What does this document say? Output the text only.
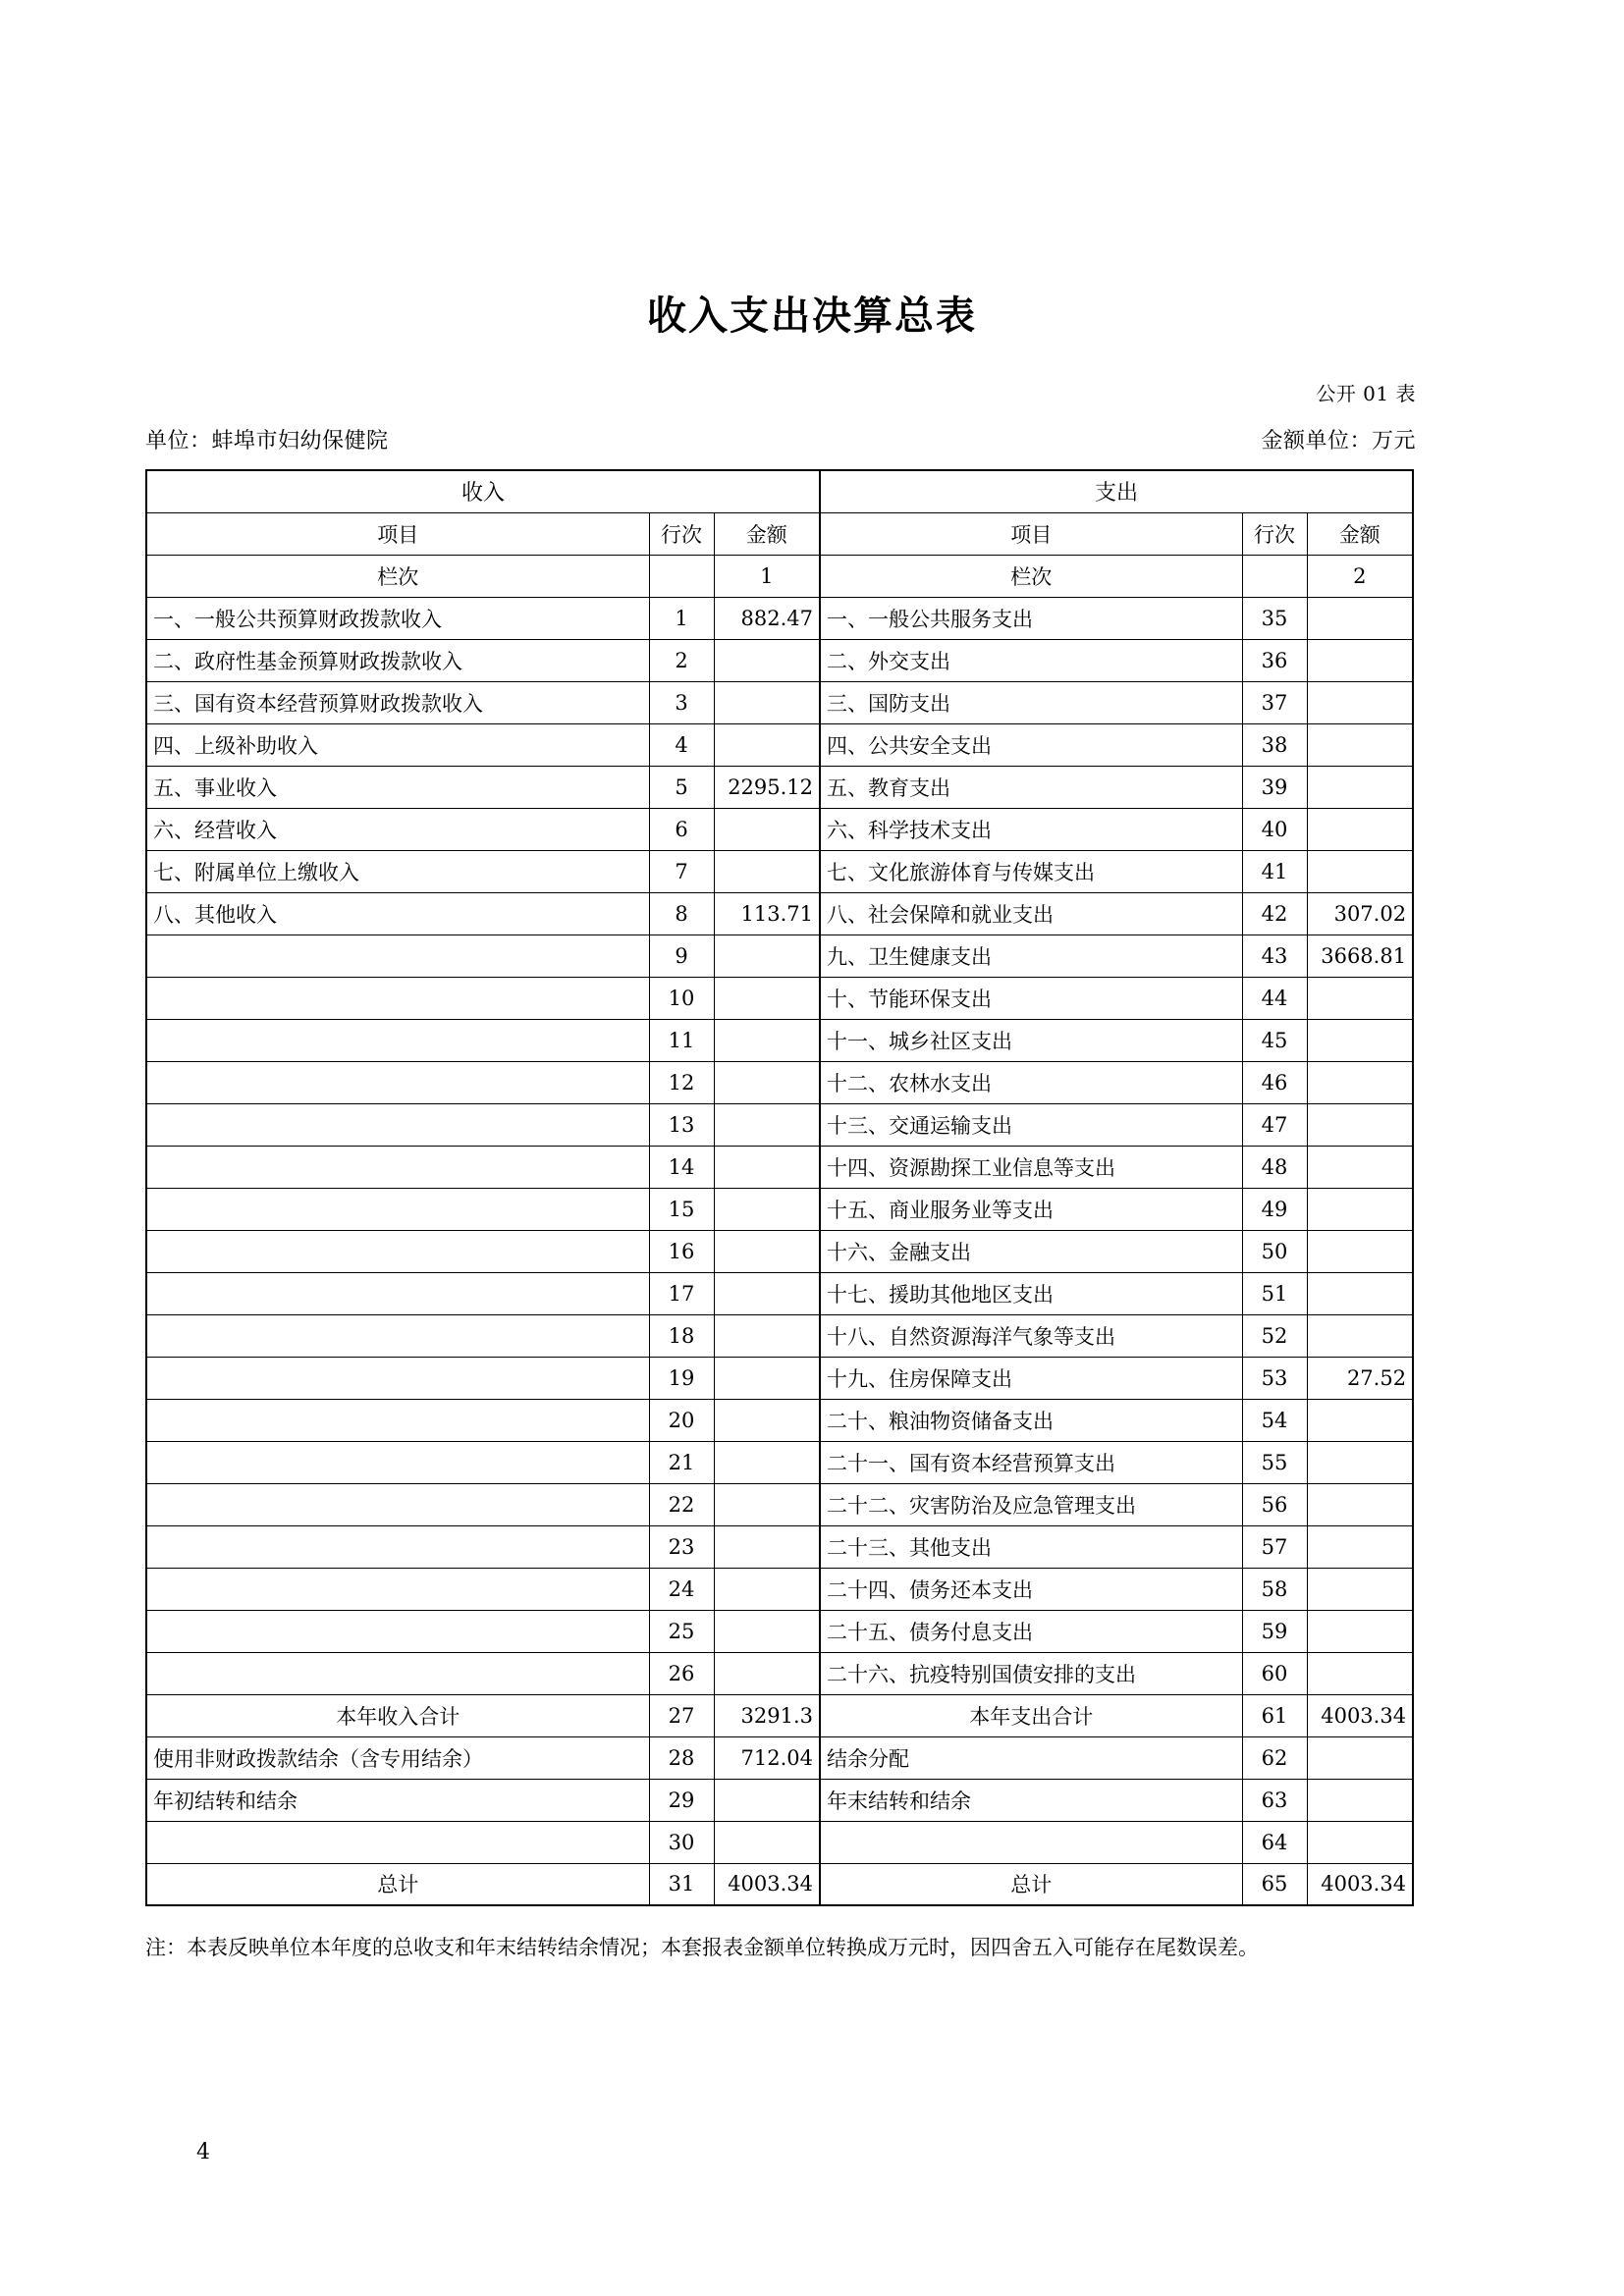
收入支出决算总表
公开 01 表
单位：蚌埠市妇幼保健院	金额单位：万元
收入			支出		
项目	行次	金额	项目	行次	金额
栏次		1	栏次		2
一、一般公共预算财政拨款收入	1	882.47	一、一般公共服务支出	35	
二、政府性基金预算财政拨款收入	2		二、外交支出	36	
三、国有资本经营预算财政拨款收入	3		三、国防支出	37	
四、上级补助收入	4		四、公共安全支出	38	
五、事业收入	5	2295.12	五、教育支出	39	
六、经营收入	6		六、科学技术支出	40	
七、附属单位上缴收入	7		七、文化旅游体育与传媒支出	41	
八、其他收入	8	113.71	八、社会保障和就业支出	42	307.02
	9		九、卫生健康支出	43	3668.81
	10		十、节能环保支出	44	
	11		十一、城乡社区支出	45	
	12		十二、农林水支出	46	
	13		十三、交通运输支出	47	
	14		十四、资源勘探工业信息等支出	48	
	15		十五、商业服务业等支出	49	
	16		十六、金融支出	50	
	17		十七、援助其他地区支出	51	
	18		十八、自然资源海洋气象等支出	52	
	19		十九、住房保障支出	53	27.52
	20		二十、粮油物资储备支出	54	
	21		二十一、国有资本经营预算支出	55	
	22		二十二、灾害防治及应急管理支出	56	
	23		二十三、其他支出	57	
	24		二十四、债务还本支出	58	
	25		二十五、债务付息支出	59	
	26		二十六、抗疫特别国债安排的支出	60	
本年收入合计	27	3291.3	本年支出合计	61	4003.34
使用非财政拨款结余（含专用结余）	28	712.04	结余分配	62	
年初结转和结余	29		年末结转和结余	63	
	30			64	
总计	31	4003.34	总计	65	4003.34
注：本表反映单位本年度的总收支和年末结转结余情况；本套报表金额单位转换成万元时，因四舍五入可能存在尾数误差。
4
